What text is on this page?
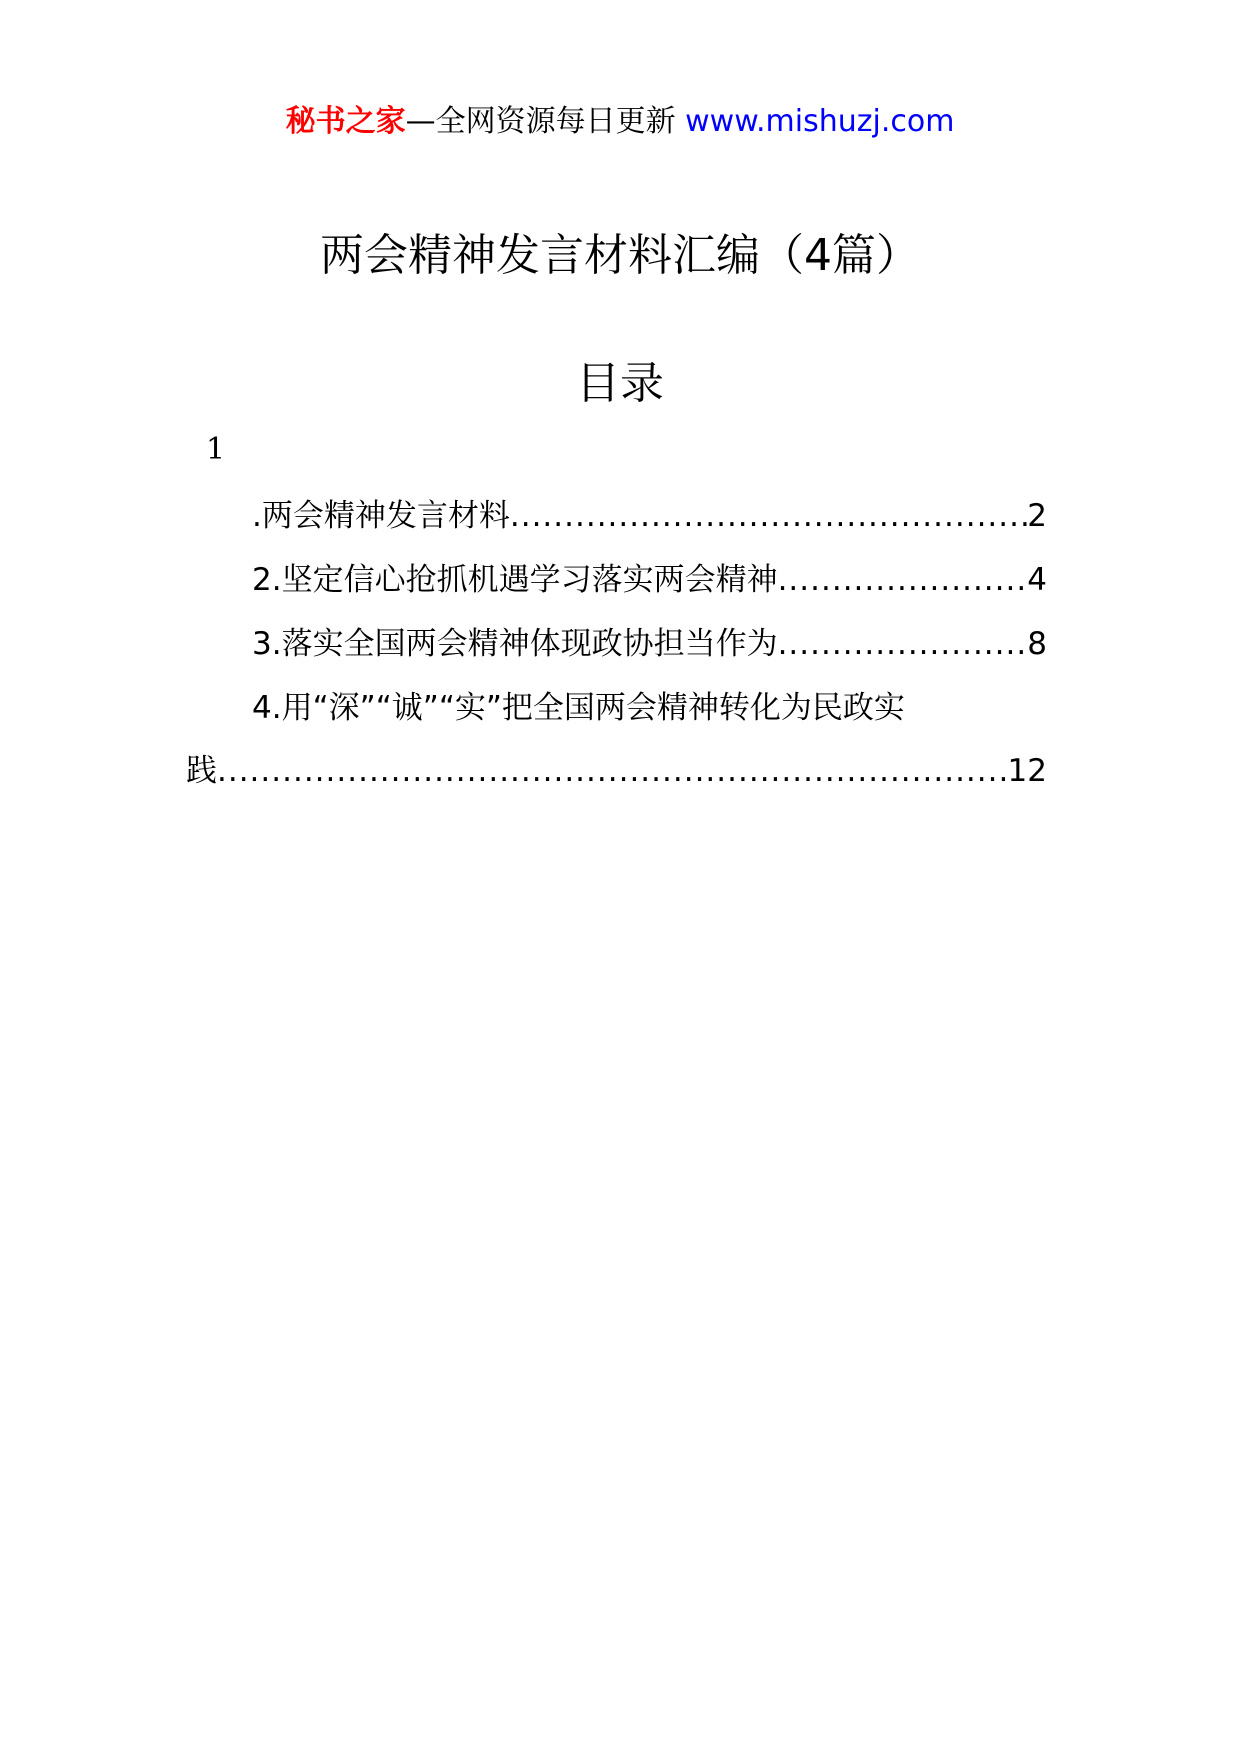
秘书之家—全网资源每日更新 www.mishuzj.com
两会精神发言材料汇编（4篇）
目录
1
.两会精神发言材料 .....	2
2.坚定信心抢抓机遇学习落实两会精神 .....	4
3.落实全国两会精神体现政协担当作为 .....	8
4.用“深”“诚”“实”把全国两会精神转化为民政实
践 .....	12
